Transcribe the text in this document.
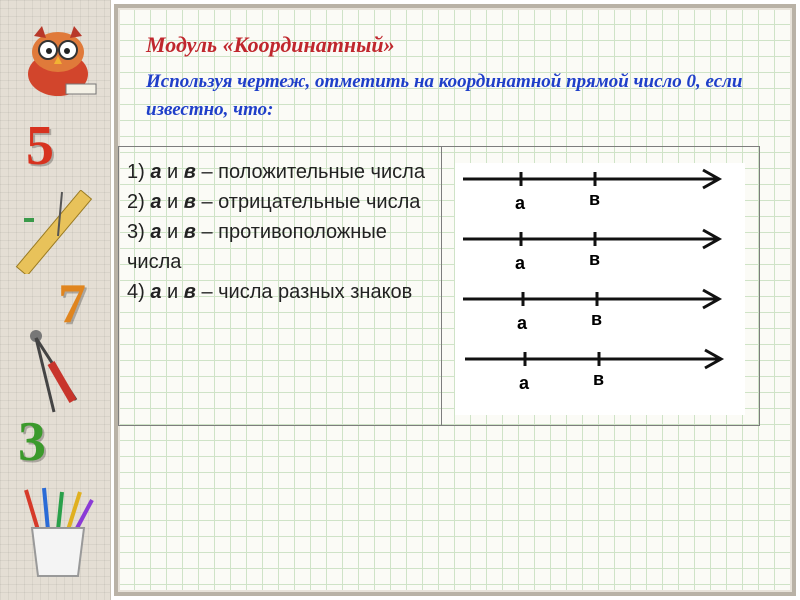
5
7
3
Модуль «Координатный»
Используя чертеж, отметить на координатной прямой число 0, если известно, что:
1) а и в – положительные числа
2) а и в – отрицательные числа
3) а и в – противоположные числа
4) а и в – числа разных знаков
а	в
а	в
а	в
а	в
